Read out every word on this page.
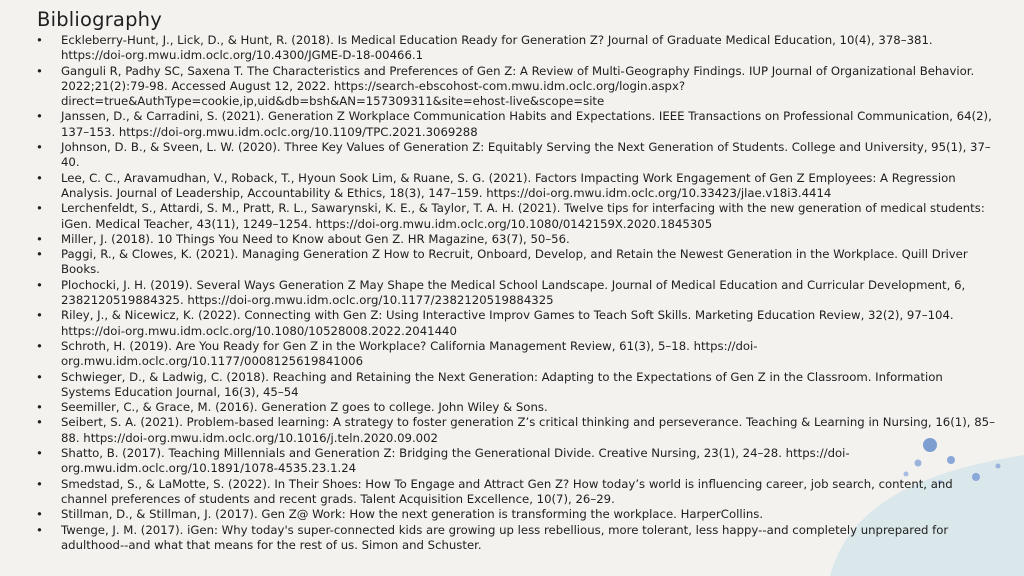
Bibliography
• Eckleberry-Hunt, J., Lick, D., & Hunt, R. (2018). Is Medical Education Ready for Generation Z? Journal of Graduate Medical Education, 10(4), 378–381. https://doi-org.mwu.idm.oclc.org/10.4300/JGME-D-18-00466.1
• Ganguli R, Padhy SC, Saxena T. The Characteristics and Preferences of Gen Z: A Review of Multi-Geography Findings. IUP Journal of Organizational Behavior. 2022;21(2):79-98. Accessed August 12, 2022. https://search-ebscohost-com.mwu.idm.oclc.org/login.aspx?direct=true&AuthType=cookie,ip,uid&db=bsh&AN=157309311&site=ehost-live&scope=site
• Janssen, D., & Carradini, S. (2021). Generation Z Workplace Communication Habits and Expectations. IEEE Transactions on Professional Communication, 64(2), 137–153. https://doi-org.mwu.idm.oclc.org/10.1109/TPC.2021.3069288
• Johnson, D. B., & Sveen, L. W. (2020). Three Key Values of Generation Z: Equitably Serving the Next Generation of Students. College and University, 95(1), 37–40.
• Lee, C. C., Aravamudhan, V., Roback, T., Hyoun Sook Lim, & Ruane, S. G. (2021). Factors Impacting Work Engagement of Gen Z Employees: A Regression Analysis. Journal of Leadership, Accountability & Ethics, 18(3), 147–159. https://doi-org.mwu.idm.oclc.org/10.33423/jlae.v18i3.4414
• Lerchenfeldt, S., Attardi, S. M., Pratt, R. L., Sawarynski, K. E., & Taylor, T. A. H. (2021). Twelve tips for interfacing with the new generation of medical students: iGen. Medical Teacher, 43(11), 1249–1254. https://doi-org.mwu.idm.oclc.org/10.1080/0142159X.2020.1845305
• Miller, J. (2018). 10 Things You Need to Know about Gen Z. HR Magazine, 63(7), 50–56.
• Paggi, R., & Clowes, K. (2021). Managing Generation Z How to Recruit, Onboard, Develop, and Retain the Newest Generation in the Workplace. Quill Driver Books.
• Plochocki, J. H. (2019). Several Ways Generation Z May Shape the Medical School Landscape. Journal of Medical Education and Curricular Development, 6, 2382120519884325. https://doi-org.mwu.idm.oclc.org/10.1177/2382120519884325
• Riley, J., & Nicewicz, K. (2022). Connecting with Gen Z: Using Interactive Improv Games to Teach Soft Skills. Marketing Education Review, 32(2), 97–104. https://doi-org.mwu.idm.oclc.org/10.1080/10528008.2022.2041440
• Schroth, H. (2019). Are You Ready for Gen Z in the Workplace? California Management Review, 61(3), 5–18. https://doi-org.mwu.idm.oclc.org/10.1177/0008125619841006
• Schwieger, D., & Ladwig, C. (2018). Reaching and Retaining the Next Generation: Adapting to the Expectations of Gen Z in the Classroom. Information Systems Education Journal, 16(3), 45–54
• Seemiller, C., & Grace, M. (2016). Generation Z goes to college. John Wiley & Sons.
• Seibert, S. A. (2021). Problem-based learning: A strategy to foster generation Z’s critical thinking and perseverance. Teaching & Learning in Nursing, 16(1), 85–88. https://doi-org.mwu.idm.oclc.org/10.1016/j.teln.2020.09.002
• Shatto, B. (2017). Teaching Millennials and Generation Z: Bridging the Generational Divide. Creative Nursing, 23(1), 24–28. https://doi-org.mwu.idm.oclc.org/10.1891/1078-4535.23.1.24
• Smedstad, S., & LaMotte, S. (2022). In Their Shoes: How To Engage and Attract Gen Z? How today’s world is influencing career, job search, content, and channel preferences of students and recent grads. Talent Acquisition Excellence, 10(7), 26–29.
• Stillman, D., & Stillman, J. (2017). Gen Z@ Work: How the next generation is transforming the workplace. HarperCollins.
• Twenge, J. M. (2017). iGen: Why today's super-connected kids are growing up less rebellious, more tolerant, less happy--and completely unprepared for adulthood--and what that means for the rest of us. Simon and Schuster.
